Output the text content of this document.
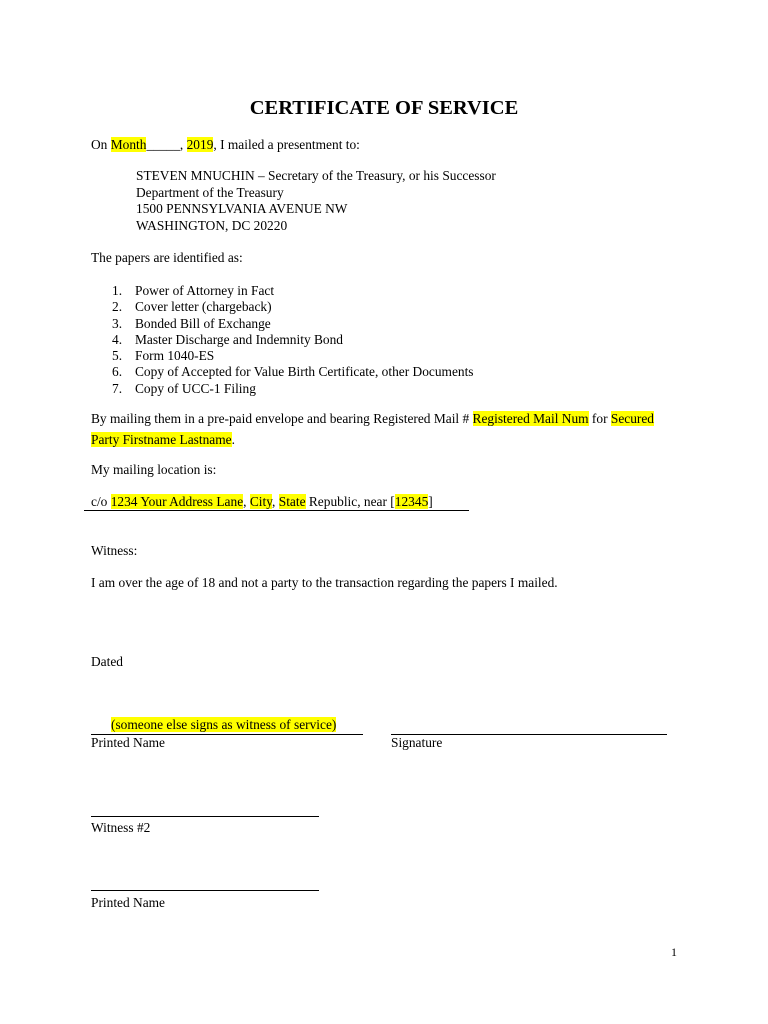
CERTIFICATE OF SERVICE
On Month_____, 2019, I mailed a presentment to:
STEVEN MNUCHIN – Secretary of the Treasury, or his Successor
Department of the Treasury
1500 PENNSYLVANIA AVENUE NW
WASHINGTON, DC 20220
The papers are identified as:
1. Power of Attorney in Fact
2. Cover letter (chargeback)
3. Bonded Bill of Exchange
4. Master Discharge and Indemnity Bond
5. Form 1040-ES
6. Copy of Accepted for Value Birth Certificate, other Documents
7. Copy of UCC-1 Filing
By mailing them in a pre-paid envelope and bearing Registered Mail # Registered Mail Num for Secured
Party Firstname Lastname.
My mailing location is:
c/o 1234 Your Address Lane, City, State Republic, near [12345]
Witness:
I am over the age of 18 and not a party to the transaction regarding the papers I mailed.
Dated
(someone else signs as witness of service)
Printed Name	Signature
Witness #2
Printed Name
1
